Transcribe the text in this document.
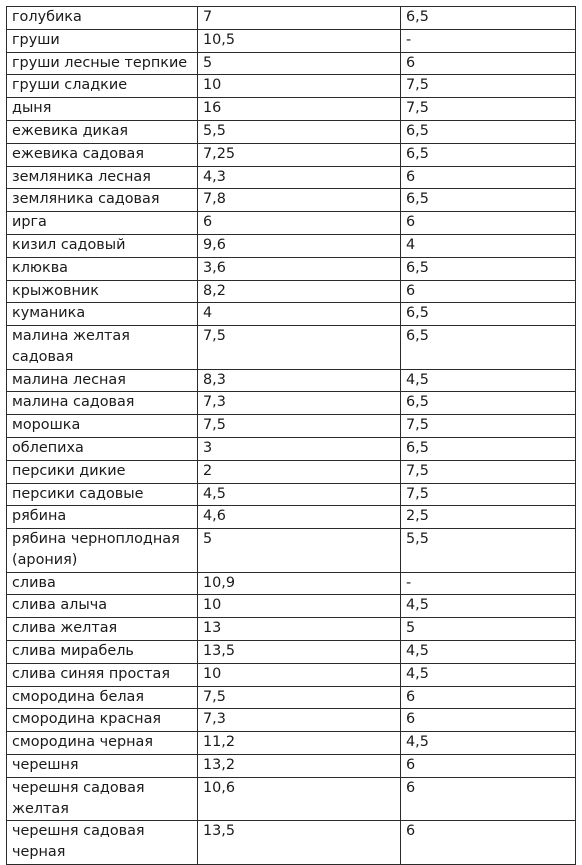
голубика	7	6,5
груши	10,5	-
груши лесные терпкие	5	6
груши сладкие	10	7,5
дыня	16	7,5
ежевика дикая	5,5	6,5
ежевика садовая	7,25	6,5
земляника лесная	4,3	6
земляника садовая	7,8	6,5
ирга	6	6
кизил садовый	9,6	4
клюква	3,6	6,5
крыжовник	8,2	6
куманика	4	6,5
малина желтая садовая	7,5	6,5
малина лесная	8,3	4,5
малина садовая	7,3	6,5
морошка	7,5	7,5
облепиха	3	6,5
персики дикие	2	7,5
персики садовые	4,5	7,5
рябина	4,6	2,5
рябина черноплодная (арония)	5	5,5
слива	10,9	-
слива алыча	10	4,5
слива желтая	13	5
слива мирабель	13,5	4,5
слива синяя простая	10	4,5
смородина белая	7,5	6
смородина красная	7,3	6
смородина черная	11,2	4,5
черешня	13,2	6
черешня садовая желтая	10,6	6
черешня садовая черная	13,5	6
